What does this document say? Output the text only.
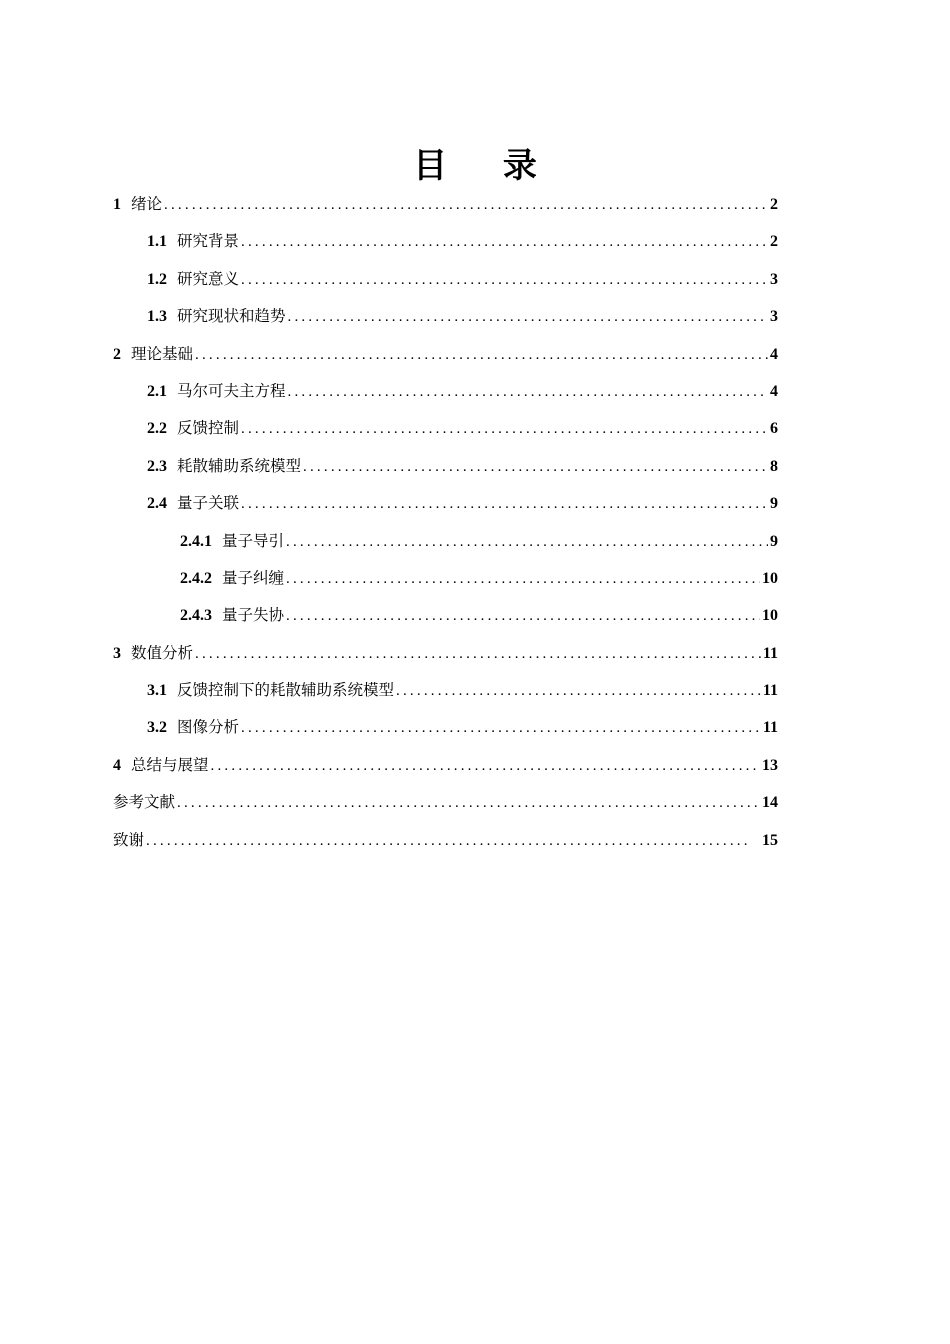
目 录
1 绪论 .....	2
1.1 研究背景 .....	2
1.2 研究意义 .....	3
1.3 研究现状和趋势 .....	3
2 理论基础 .....	4
2.1 马尔可夫主方程 .....	4
2.2 反馈控制 .....	6
2.3 耗散辅助系统模型 .....	8
2.4 量子关联 .....	9
2.4.1 量子导引 .....	9
2.4.2 量子纠缠 .....	10
2.4.3 量子失协 .....	10
3 数值分析 .....	11
3.1 反馈控制下的耗散辅助系统模型 .....	11
3.2 图像分析 .....	11
4 总结与展望 .....	13
参考文献 .....	14
致谢 .....	15
